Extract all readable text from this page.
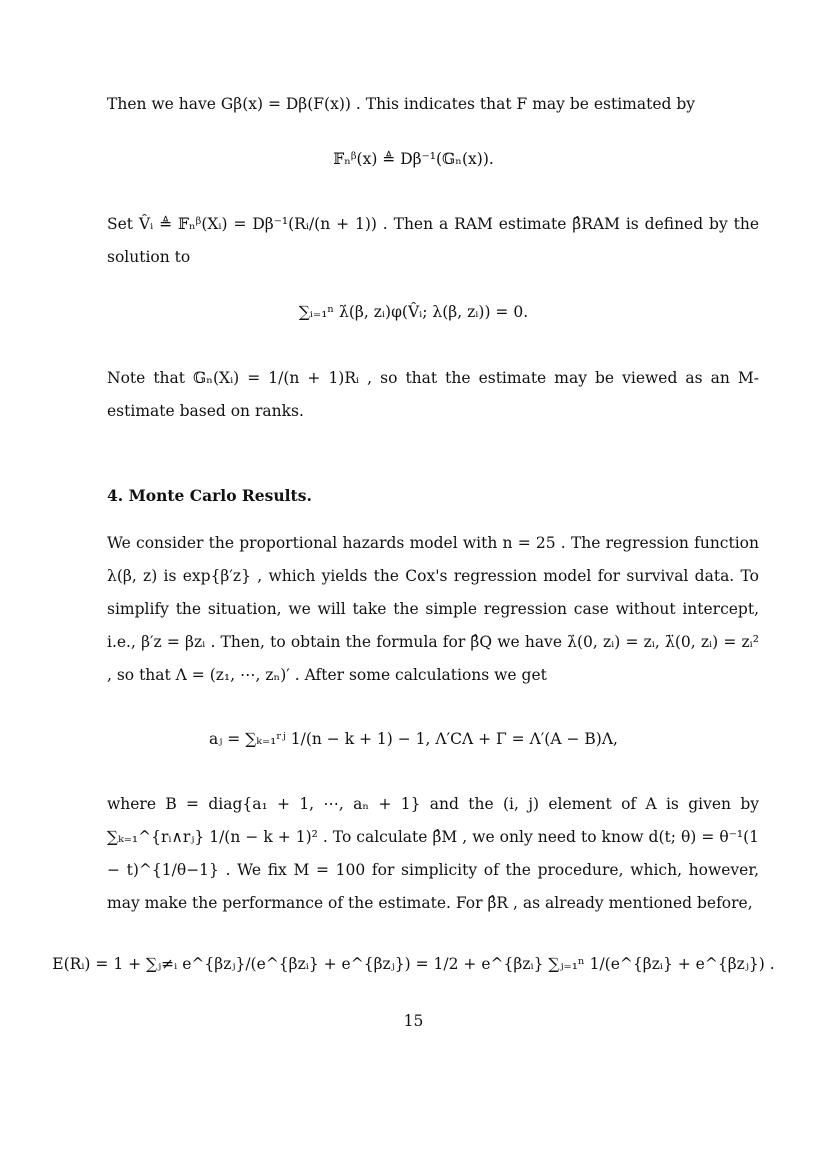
Then we have Gβ(x) = Dβ(F(x)) . This indicates that F may be estimated by
𝔽ₙᵝ(x) ≜ Dβ⁻¹(𝔾ₙ(x)).
Set V̂ᵢ ≜ 𝔽ₙᵝ(Xᵢ) = Dβ⁻¹(Rᵢ/(n + 1)) . Then a RAM estimate β̂RAM is defined by the solution to
∑ᵢ₌₁ⁿ λ̇(β, zᵢ)φ(V̂ᵢ; λ(β, zᵢ)) = 0.
Note that 𝔾ₙ(Xᵢ) = 1/(n + 1)Rᵢ , so that the estimate may be viewed as an M-estimate based on ranks.
4. Monte Carlo Results.
We consider the proportional hazards model with n = 25 . The regression function λ(β, z) is exp{β′z} , which yields the Cox's regression model for survival data. To simplify the situation, we will take the simple regression case without intercept, i.e., β′z = βzᵢ . Then, to obtain the formula for β̂Q we have λ̇(0, zᵢ) = zᵢ, λ̈(0, zᵢ) = zᵢ² , so that Λ = (z₁, ⋯, zₙ)′ . After some calculations we get
aⱼ = ∑ₖ₌₁ʳʲ 1/(n − k + 1) − 1, Λ′CΛ + Γ = Λ′(A − B)Λ,
where B = diag{a₁ + 1, ⋯, aₙ + 1} and the (i, j) element of A is given by ∑ₖ₌₁^{rᵢ∧rⱼ} 1/(n − k + 1)² . To calculate β̂M , we only need to know d(t; θ) = θ⁻¹(1 − t)^{1/θ−1} . We fix M = 100 for simplicity of the procedure, which, however, may make the performance of the estimate. For β̂R , as already mentioned before,
E(Rᵢ) = 1 + ∑ⱼ≠ᵢ e^{βzⱼ}/(e^{βzᵢ} + e^{βzⱼ}) = 1/2 + e^{βzᵢ} ∑ⱼ₌₁ⁿ 1/(e^{βzᵢ} + e^{βzⱼ}) .
15
